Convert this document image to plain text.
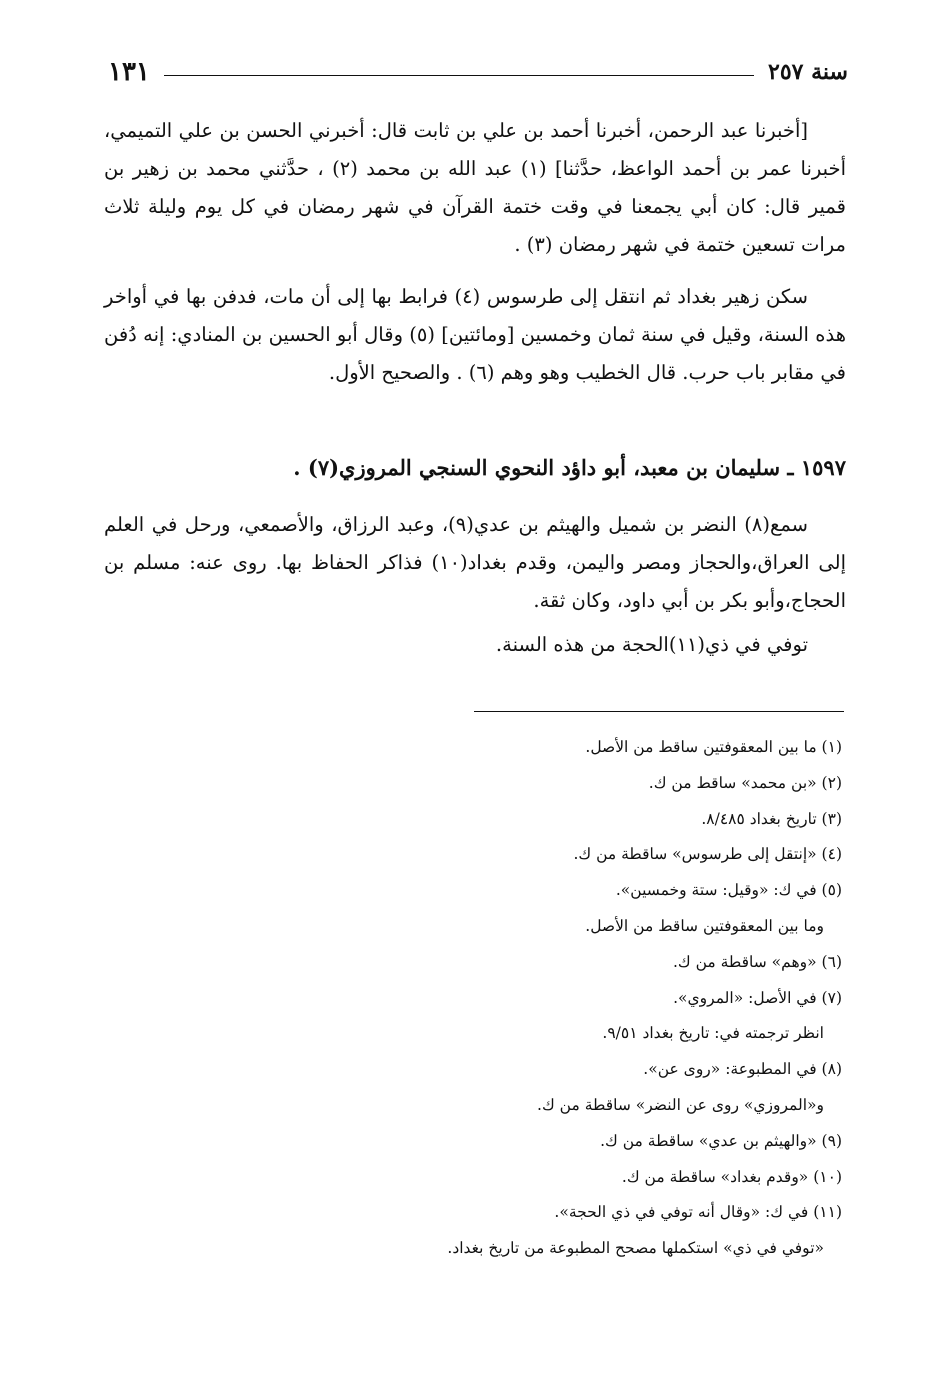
١٣١	سنة ٢٥٧

[أخبرنا عبد الرحمن، أخبرنا أحمد بن علي بن ثابت قال: أخبرني الحسن بن علي التميمي، أخبرنا عمر بن أحمد الواعظ، حدَّثنا] (١) عبد الله بن محمد (٢) ، حدَّثني محمد بن زهير بن قمير قال: كان أبي يجمعنا في وقت ختمة القرآن في شهر رمضان في كل يوم وليلة ثلاث مرات تسعين ختمة في شهر رمضان (٣) .

سكن زهير بغداد ثم انتقل إلى طرسوس (٤) فرابط بها إلى أن مات، فدفن بها في أواخر هذه السنة، وقيل في سنة ثمان وخمسين [ومائتين] (٥) وقال أبو الحسين بن المنادي: إنه دُفن في مقابر باب حرب. قال الخطيب وهو وهم (٦) . والصحيح الأول.

١٥٩٧ ـ سليمان بن معبد، أبو داؤد النحوي السنجي المروزي(٧) .

سمع(٨) النضر بن شميل والهيثم بن عدي(٩)، وعبد الرزاق، والأصمعي، ورحل في العلم إلى العراق،والحجاز ومصر واليمن، وقدم بغداد(١٠) فذاكر الحفاظ بها. روى عنه: مسلم بن الحجاج،وأبو بكر بن أبي داود، وكان ثقة.

توفي في ذي(١١)الحجة من هذه السنة.

(١) ما بين المعقوفتين ساقط من الأصل.

(٢) «بن محمد» ساقط من ك.

(٣) تاريخ بغداد ٨/٤٨٥.

(٤) «إنتقل إلى طرسوس» ساقطة من ك.

(٥) في ك: «وقيل: ستة وخمسين».

وما بين المعقوفتين ساقط من الأصل.

(٦) «وهم» ساقطة من ك.

(٧) في الأصل: «المروي».

انظر ترجمته في: تاريخ بغداد ٩/٥١.

(٨) في المطبوعة: «روى عن».

و«المروزي» روى عن النضر» ساقطة من ك.

(٩) «والهيثم بن عدي» ساقطة من ك.

(١٠) «وقدم بغداد» ساقطة من ك.

(١١) في ك: «وقال أنه توفي في ذي الحجة».

«توفي في ذي» استكملها مصحح المطبوعة من تاريخ بغداد.
